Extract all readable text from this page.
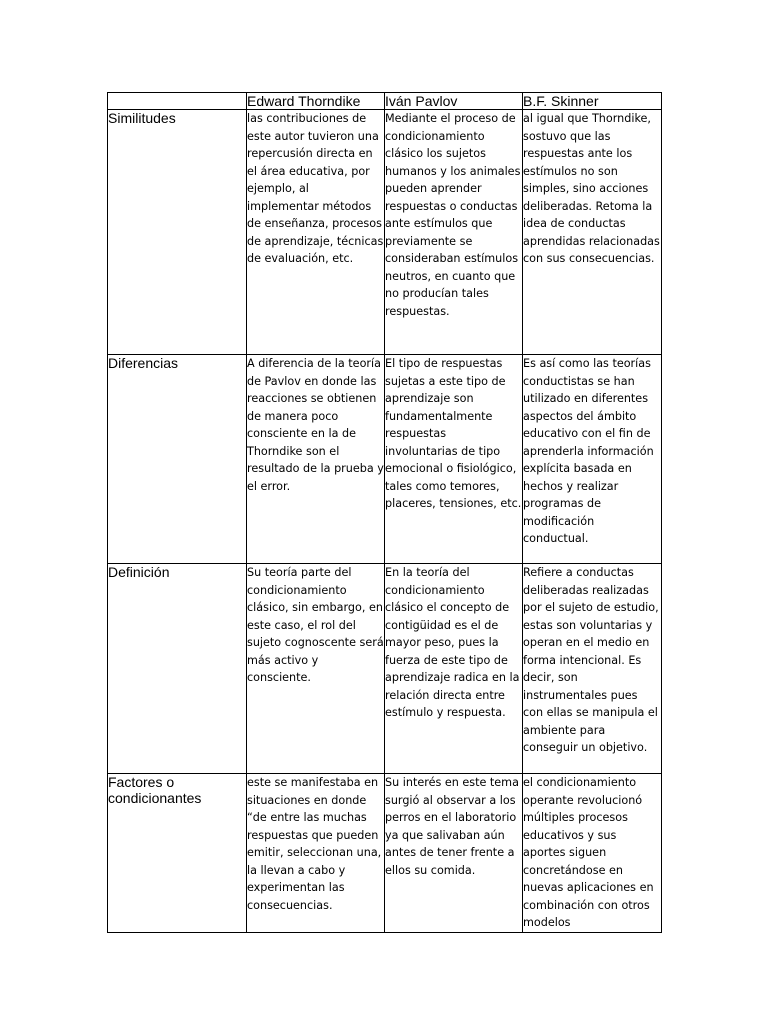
	Edward Thorndike	Iván Pavlov	B.F. Skinner
Similitudes	las contribuciones de este autor tuvieron una repercusión directa en el área educativa, por ejemplo, al implementar métodos de enseñanza, procesos de aprendizaje, técnicas de evaluación, etc.	Mediante el proceso de condicionamiento clásico los sujetos humanos y los animales pueden aprender respuestas o conductas ante estímulos que previamente se consideraban estímulos neutros, en cuanto que no producían tales respuestas.	al igual que Thorndike, sostuvo que las respuestas ante los estímulos no son simples, sino acciones deliberadas. Retoma la idea de conductas aprendidas relacionadas con sus consecuencias.
Diferencias	A diferencia de la teoría de Pavlov en donde las reacciones se obtienen de manera poco consciente en la de Thorndike son el resultado de la prueba y el error.	El tipo de respuestas sujetas a este tipo de aprendizaje son fundamentalmente respuestas involuntarias de tipo emocional o fisiológico, tales como temores, placeres, tensiones, etc.	Es así como las teorías conductistas se han utilizado en diferentes aspectos del ámbito educativo con el fin de aprenderla información explícita basada en hechos y realizar programas de modificación conductual.
Definición	Su teoría parte del condicionamiento clásico, sin embargo, en este caso, el rol del sujeto cognoscente será más activo y consciente.	En la teoría del condicionamiento clásico el concepto de contigüidad es el de mayor peso, pues la fuerza de este tipo de aprendizaje radica en la relación directa entre estímulo y respuesta.	Refiere a conductas deliberadas realizadas por el sujeto de estudio, estas son voluntarias y operan en el medio en forma intencional. Es decir, son instrumentales pues con ellas se manipula el ambiente para conseguir un objetivo.
Factores o condicionantes	este se manifestaba en situaciones en donde “de entre las muchas respuestas que pueden emitir, seleccionan una, la llevan a cabo y experimentan las consecuencias.	Su interés en este tema surgió al observar a los perros en el laboratorio ya que salivaban aún antes de tener frente a ellos su comida.	el condicionamiento operante revolucionó múltiples procesos educativos y sus aportes siguen concretándose en nuevas aplicaciones en combinación con otros modelos
